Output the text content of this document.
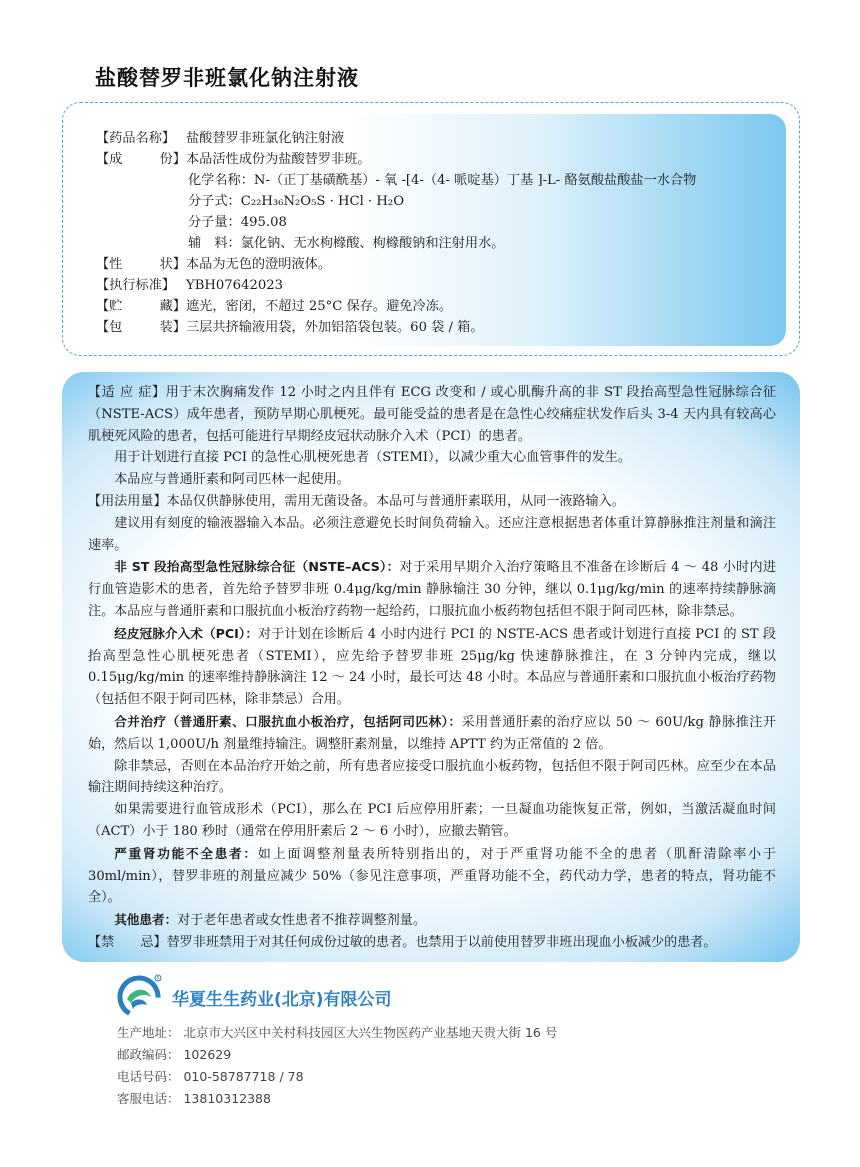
盐酸替罗非班氯化钠注射液
【药品名称】 盐酸替罗非班氯化钠注射液
【成	份】 本品活性成份为盐酸替罗非班。
化学名称：N-（正丁基磺酰基）- 氧 -[4-（4- 哌啶基）丁基 ]-L- 酪氨酸盐酸盐一水合物
分子式：C₂₂H₃₆N₂O₅S · HCl · H₂O
分子量：495.08
辅　料：氯化钠、无水枸橼酸、枸橼酸钠和注射用水。
【性	状】 本品为无色的澄明液体。
【执行标准】 YBH07642023
【贮	藏】 遮光，密闭，不超过 25°C 保存。避免冷冻。
【包	装】 三层共挤输液用袋，外加铝箔袋包装。60 袋 / 箱。

【适 应 症】用于末次胸痛发作 12 小时之内且伴有 ECG 改变和 / 或心肌酶升高的非 ST 段抬高型急性冠脉综合征（NSTE-ACS）成年患者，预防早期心肌梗死。最可能受益的患者是在急性心绞痛症状发作后头 3-4 天内具有较高心肌梗死风险的患者，包括可能进行早期经皮冠状动脉介入术（PCI）的患者。

用于计划进行直接 PCI 的急性心肌梗死患者（STEMI），以减少重大心血管事件的发生。

本品应与普通肝素和阿司匹林一起使用。

【用法用量】本品仅供静脉使用，需用无菌设备。本品可与普通肝素联用，从同一液路输入。

建议用有刻度的输液器输入本品。必须注意避免长时间负荷输入。还应注意根据患者体重计算静脉推注剂量和滴注速率。

非 ST 段抬高型急性冠脉综合征（NSTE–ACS）：对于采用早期介入治疗策略且不准备在诊断后 4 ～ 48 小时内进行血管造影术的患者，首先给予替罗非班 0.4μg/kg/min 静脉输注 30 分钟，继以 0.1μg/kg/min 的速率持续静脉滴注。本品应与普通肝素和口服抗血小板治疗药物一起给药，口服抗血小板药物包括但不限于阿司匹林，除非禁忌。

经皮冠脉介入术（PCI）：对于计划在诊断后 4 小时内进行 PCI 的 NSTE-ACS 患者或计划进行直接 PCI 的 ST 段抬高型急性心肌梗死患者（STEMI），应先给予替罗非班 25μg/kg 快速静脉推注，在 3 分钟内完成，继以 0.15μg/kg/min 的速率维持静脉滴注 12 ～ 24 小时，最长可达 48 小时。本品应与普通肝素和口服抗血小板治疗药物（包括但不限于阿司匹林，除非禁忌）合用。

合并治疗（普通肝素、口服抗血小板治疗，包括阿司匹林）：采用普通肝素的治疗应以 50 ～ 60U/kg 静脉推注开始，然后以 1,000U/h 剂量维持输注。调整肝素剂量，以维持 APTT 约为正常值的 2 倍。

除非禁忌，否则在本品治疗开始之前，所有患者应接受口服抗血小板药物，包括但不限于阿司匹林。应至少在本品输注期间持续这种治疗。

如果需要进行血管成形术（PCI），那么在 PCI 后应停用肝素；一旦凝血功能恢复正常，例如，当激活凝血时间（ACT）小于 180 秒时（通常在停用肝素后 2 ～ 6 小时），应撤去鞘管。

严重肾功能不全患者：如上面调整剂量表所特别指出的，对于严重肾功能不全的患者（肌酐清除率小于 30ml/min），替罗非班的剂量应减少 50%（参见注意事项，严重肾功能不全，药代动力学，患者的特点，肾功能不全）。

其他患者：对于老年患者或女性患者不推荐调整剂量。

【禁　　忌】替罗非班禁用于对其任何成份过敏的患者。也禁用于以前使用替罗非班出现血小板减少的患者。

R
华夏生生药业(北京)有限公司
生产地址： 北京市大兴区中关村科技园区大兴生物医药产业基地天贵大街 16 号
邮政编码： 102629
电话号码： 010-58787718 / 78
客服电话： 13810312388
